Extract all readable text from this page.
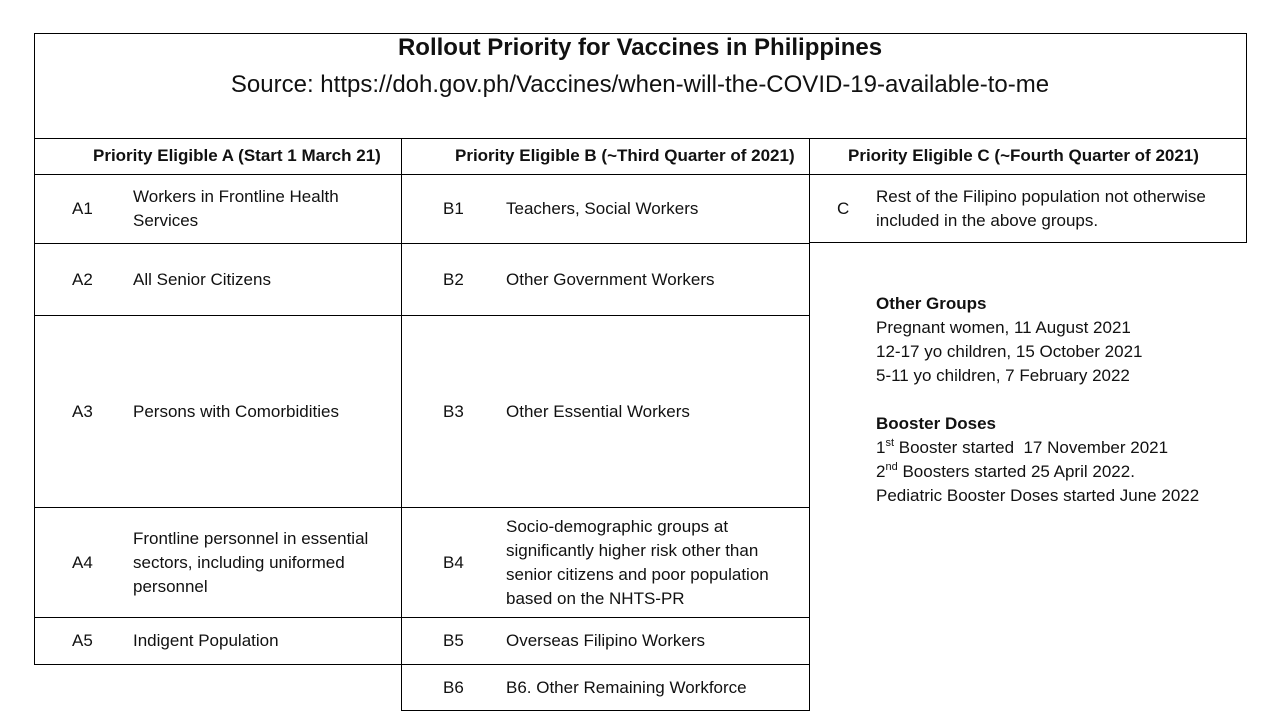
Rollout Priority for Vaccines in Philippines
Source: https://doh.gov.ph/Vaccines/when-will-the-COVID-19-available-to-me
Priority Eligible A (Start 1 March 21)	Priority Eligible B (~Third Quarter of 2021)	Priority Eligible C (~Fourth Quarter of 2021)
A1
Workers in Frontline Health Services
A2 All Senior Citizens
A3 Persons with Comorbidities
A4
Frontline personnel in essential sectors, including uniformed personnel
A5 Indigent Population
B1 Teachers, Social Workers
B2 Other Government Workers
B3 Other Essential Workers
B4
Socio-demographic groups at significantly higher risk other than senior citizens and poor population based on the NHTS-PR
B5 Overseas Filipino Workers
B6 B6. Other Remaining Workforce
C
Rest of the Filipino population not otherwise included in the above groups.
Other Groups
Pregnant women, 11 August 2021
12-17 yo children, 15 October 2021
5-11 yo children, 7 February 2022
Booster Doses
1st Booster started  17 November 2021
2nd Boosters started 25 April 2022.
Pediatric Booster Doses started June 2022
